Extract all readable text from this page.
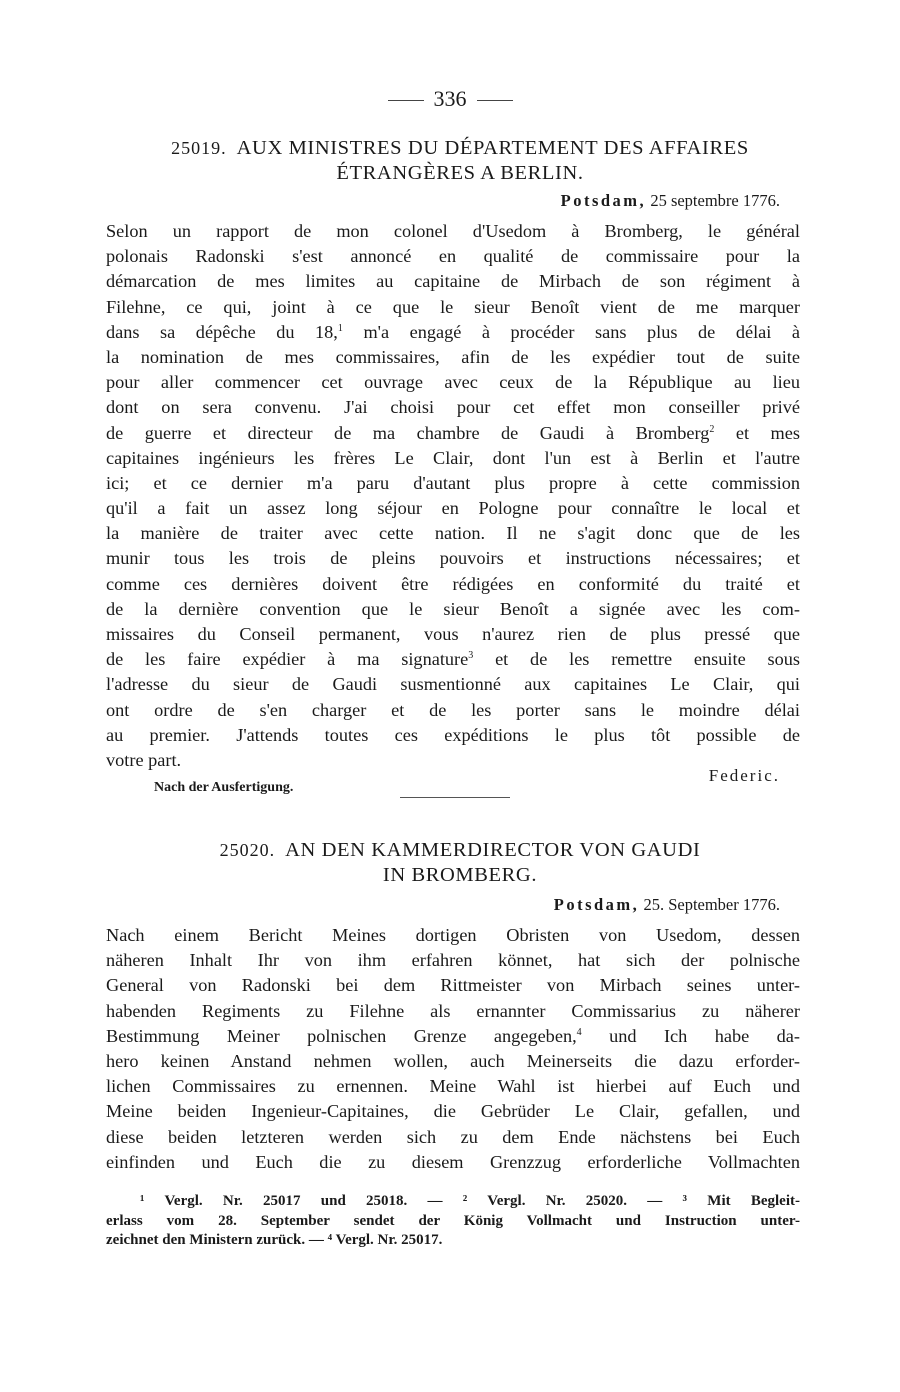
336
25019. AUX MINISTRES DU DÉPARTEMENT DES AFFAIRES
ÉTRANGÈRES A BERLIN.
Potsdam, 25 septembre 1776.
Selon un rapport de mon colonel d'Usedom à Bromberg, le général
polonais Radonski s'est annoncé en qualité de commissaire pour la
démarcation de mes limites au capitaine de Mirbach de son régiment à
Filehne, ce qui, joint à ce que le sieur Benoît vient de me marquer
dans sa dépêche du 18,$^1$ m'a engagé à procéder sans plus de délai à
la nomination de mes commissaires, afin de les expédier tout de suite
pour aller commencer cet ouvrage avec ceux de la République au lieu
dont on sera convenu. J'ai choisi pour cet effet mon conseiller privé
de guerre et directeur de ma chambre de Gaudi à Bromberg$^2$ et mes
capitaines ingénieurs les frères Le Clair, dont l'un est à Berlin et l'autre
ici; et ce dernier m'a paru d'autant plus propre à cette commission
qu'il a fait un assez long séjour en Pologne pour connaître le local et
la manière de traiter avec cette nation. Il ne s'agit donc que de les
munir tous les trois de pleins pouvoirs et instructions nécessaires; et
comme ces dernières doivent être rédigées en conformité du traité et
de la dernière convention que le sieur Benoît a signée avec les com-
missaires du Conseil permanent, vous n'aurez rien de plus pressé que
de les faire expédier à ma signature$^3$ et de les remettre ensuite sous
l'adresse du sieur de Gaudi susmentionné aux capitaines Le Clair, qui
ont ordre de s'en charger et de les porter sans le moindre délai
au premier. J'attends toutes ces expéditions le plus tôt possible de
votre part.
Federic.
Nach der Ausfertigung.
25020. AN DEN KAMMERDIRECTOR VON GAUDI
IN BROMBERG.
Potsdam, 25. September 1776.
Nach einem Bericht Meines dortigen Obristen von Usedom, dessen
näheren Inhalt Ihr von ihm erfahren könnet, hat sich der polnische
General von Radonski bei dem Rittmeister von Mirbach seines unter-
habenden Regiments zu Filehne als ernannter Commissarius zu näherer
Bestimmung Meiner polnischen Grenze angegeben,$^4$ und Ich habe da-
hero keinen Anstand nehmen wollen, auch Meinerseits die dazu erforder-
lichen Commissaires zu ernennen. Meine Wahl ist hierbei auf Euch und
Meine beiden Ingenieur-Capitaines, die Gebrüder Le Clair, gefallen, und
diese beiden letzteren werden sich zu dem Ende nächstens bei Euch
einfinden und Euch die zu diesem Grenzzug erforderliche Vollmachten
¹ Vergl. Nr. 25017 und 25018. — ² Vergl. Nr. 25020. — ³ Mit Begleit-
erlass vom 28. September sendet der König Vollmacht und Instruction unter-
zeichnet den Ministern zurück. — ⁴ Vergl. Nr. 25017.
